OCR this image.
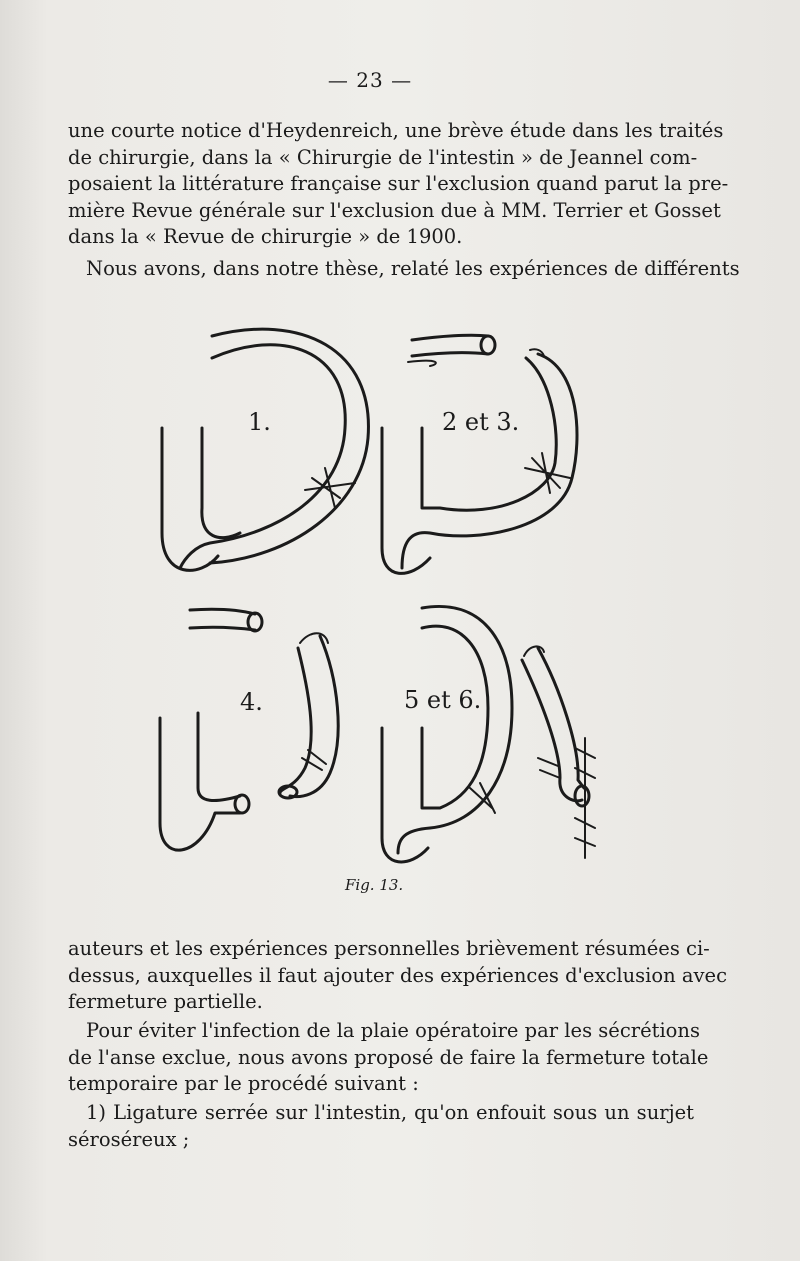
— 23 —
une courte notice d'Heydenreich, une brève étude dans les traités
de chirurgie, dans la « Chirurgie de l'intestin » de Jeannel com-
posaient la littérature française sur l'exclusion quand parut la pre-
mière Revue générale sur l'exclusion due à MM. Terrier et Gosset
dans la « Revue de chirurgie » de 1900.
Nous avons, dans notre thèse, relaté les expériences de différents
1.	2 et 3.
4.	5 et 6.
Fig. 13.
auteurs et les expériences personnelles brièvement résumées ci-
dessus, auxquelles il faut ajouter des expériences d'exclusion avec
fermeture partielle.
Pour éviter l'infection de la plaie opératoire par les sécrétions
de l'anse exclue, nous avons proposé de faire la fermeture totale
temporaire par le procédé suivant :
1) Ligature serrée sur l'intestin, qu'on enfouit sous un surjet
séroséreux ;
